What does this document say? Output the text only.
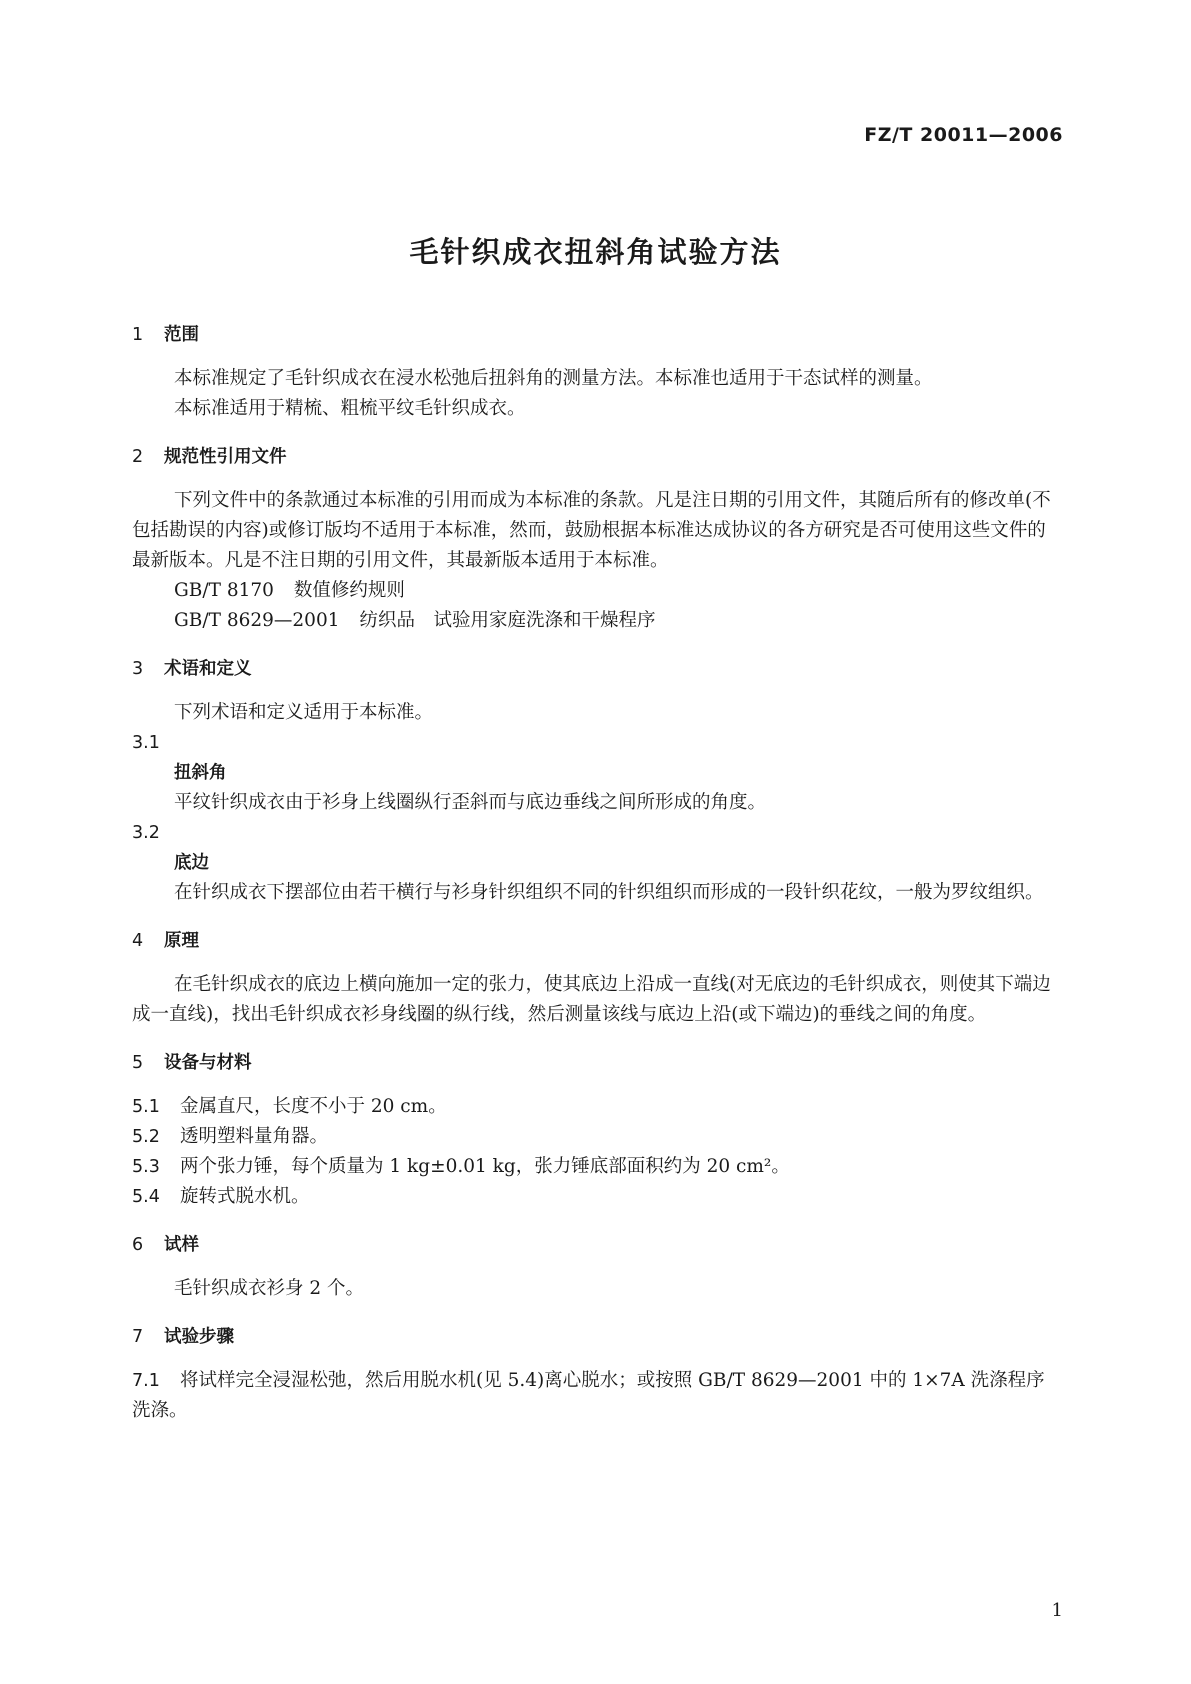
FZ/T 20011—2006
毛针织成衣扭斜角试验方法
1 范围

本标准规定了毛针织成衣在浸水松弛后扭斜角的测量方法。本标准也适用于干态试样的测量。

本标准适用于精梳、粗梳平纹毛针织成衣。

2 规范性引用文件

下列文件中的条款通过本标准的引用而成为本标准的条款。凡是注日期的引用文件，其随后所有的修改单(不包括勘误的内容)或修订版均不适用于本标准，然而，鼓励根据本标准达成协议的各方研究是否可使用这些文件的最新版本。凡是不注日期的引用文件，其最新版本适用于本标准。

GB/T 8170 数值修约规则
GB/T 8629—2001 纺织品　试验用家庭洗涤和干燥程序
3 术语和定义

下列术语和定义适用于本标准。

3.1
扭斜角

平纹针织成衣由于衫身上线圈纵行歪斜而与底边垂线之间所形成的角度。

3.2
底边

在针织成衣下摆部位由若干横行与衫身针织组织不同的针织组织而形成的一段针织花纹，一般为罗纹组织。

4 原理

在毛针织成衣的底边上横向施加一定的张力，使其底边上沿成一直线(对无底边的毛针织成衣，则使其下端边成一直线)，找出毛针织成衣衫身线圈的纵行线，然后测量该线与底边上沿(或下端边)的垂线之间的角度。

5 设备与材料

5.1 金属直尺，长度不小于 20 cm。

5.2 透明塑料量角器。

5.3 两个张力锤，每个质量为 1 kg±0.01 kg，张力锤底部面积约为 20 cm²。

5.4 旋转式脱水机。

6 试样

毛针织成衣衫身 2 个。

7 试验步骤

7.1 将试样完全浸湿松弛，然后用脱水机(见 5.4)离心脱水；或按照 GB/T 8629—2001 中的 1×7A 洗涤程序洗涤。

1
